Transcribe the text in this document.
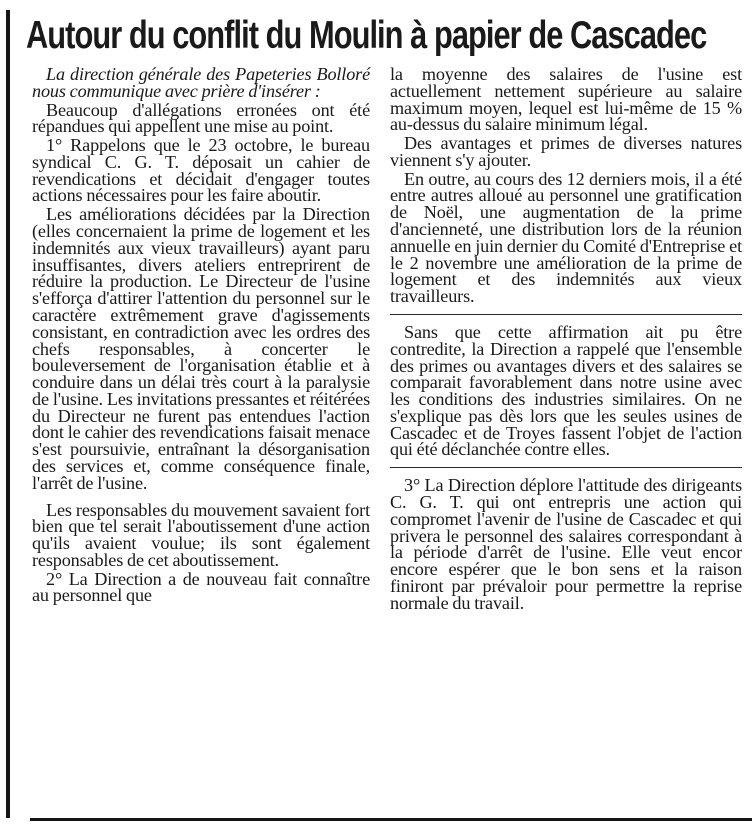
Autour du conflit du Moulin à papier de Cascadec

La direction générale des Papeteries Bolloré nous communique avec prière d'insérer :

Beaucoup d'allégations erronées ont été répandues qui appellent une mise au point.

1° Rappelons que le 23 octobre, le bureau syndical C. G. T. déposait un cahier de revendications et décidait d'engager toutes actions nécessaires pour les faire aboutir.

Les améliorations décidées par la Direction (elles concernaient la prime de logement et les indemnités aux vieux travailleurs) ayant paru insuffisantes, divers ateliers entreprirent de réduire la production. Le Directeur de l'usine s'efforça d'attirer l'attention du personnel sur le caractère extrêmement grave d'agissements consistant, en contradiction avec les ordres des chefs responsables, à concerter le bouleversement de l'organisation établie et à conduire dans un délai très court à la paralysie de l'usine. Les invitations pressantes et réitérées du Directeur ne furent pas entendues l'action dont le cahier des revendications faisait menace s'est poursuivie, entraînant la désorganisation des services et, comme conséquence finale, l'arrêt de l'usine.

Les responsables du mouvement savaient fort bien que tel serait l'aboutissement d'une action qu'ils avaient voulue; ils sont également responsables de cet aboutissement.

2° La Direction a de nouveau fait connaître au personnel que

la moyenne des salaires de l'usine est actuellement nettement supérieure au salaire maximum moyen, lequel est lui-même de 15 % au-dessus du salaire minimum légal.

Des avantages et primes de diverses natures viennent s'y ajouter.

En outre, au cours des 12 derniers mois, il a été entre autres alloué au personnel une gratification de Noël, une augmentation de la prime d'ancienneté, une distribution lors de la réunion annuelle en juin dernier du Comité d'Entreprise et le 2 novembre une amélioration de la prime de logement et des indemnités aux vieux travailleurs.

Sans que cette affirmation ait pu être contredite, la Direction a rappelé que l'ensemble des primes ou avantages divers et des salaires se comparait favorablement dans notre usine avec les conditions des industries similaires. On ne s'explique pas dès lors que les seules usines de Cascadec et de Troyes fassent l'objet de l'action qui été déclanchée contre elles.

3° La Direction déplore l'attitude des dirigeants C. G. T. qui ont entrepris une action qui compromet l'avenir de l'usine de Cascadec et qui privera le personnel des salaires correspondant à la période d'arrêt de l'usine. Elle veut encor encore espérer que le bon sens et la raison finiront par prévaloir pour permettre la reprise normale du travail.
